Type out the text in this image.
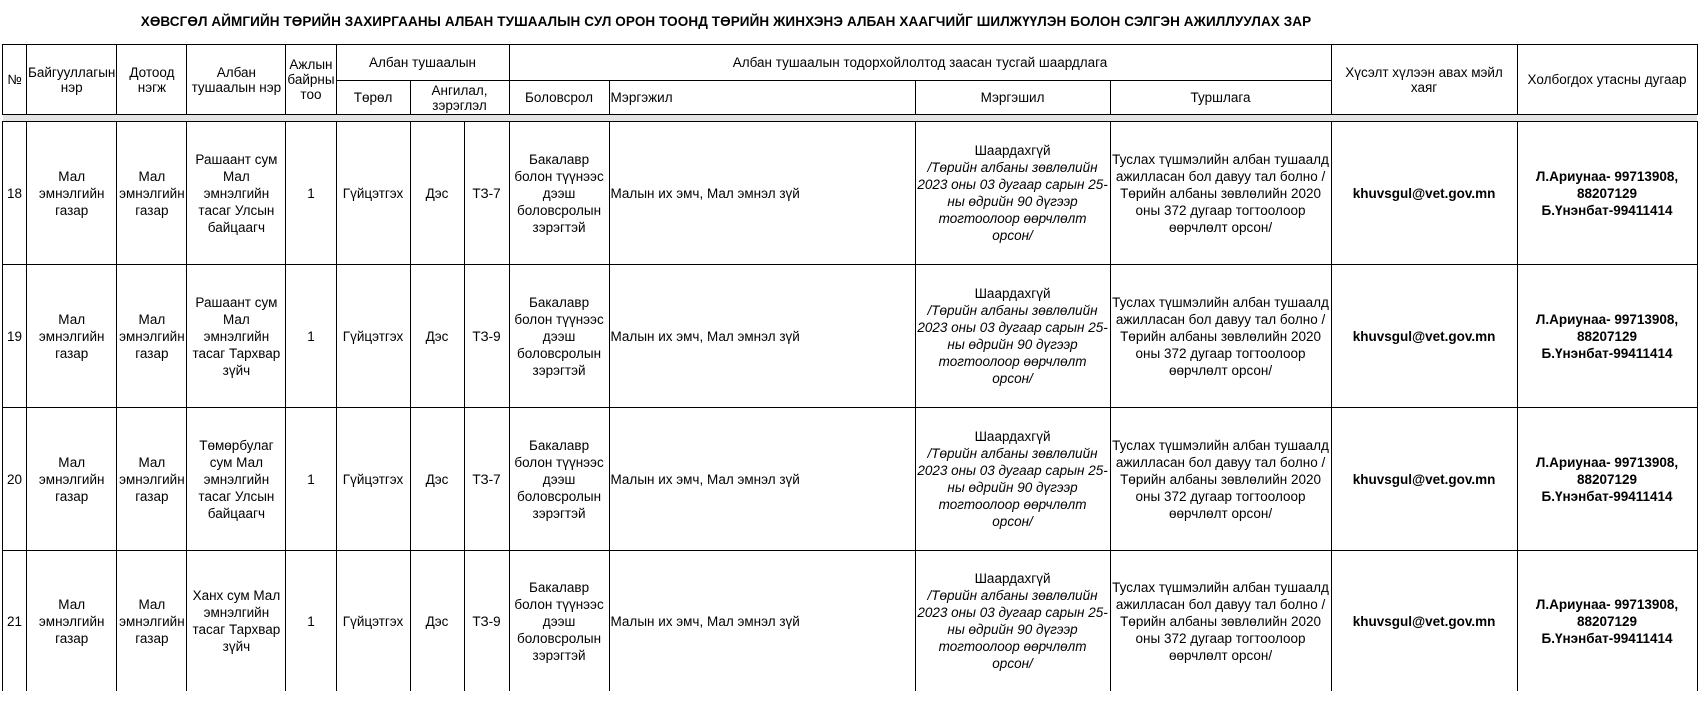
ХӨВСГӨЛ АЙМГИЙН ТӨРИЙН ЗАХИРГААНЫ АЛБАН ТУШААЛЫН СУЛ ОРОН ТООНД ТӨРИЙН ЖИНХЭНЭ АЛБАН ХААГЧИЙГ ШИЛЖҮҮЛЭН БОЛОН СЭЛГЭН АЖИЛЛУУЛАХ ЗАР
№	Байгууллагын нэр	Дотоод нэгж	Албан тушаалын нэр	Ажлын байрны тоо	Албан тушаалын			Албан тушаалын тодорхойлолтод заасан тусгай шаардлага				Хүсэлт хүлээн авах мэйл хаяг	Холбогдох утасны дугаар
					Төрөл	Ангилал, зэрэглэл		Боловсрол	Мэргэжил	Мэргэшил	Туршлага		

18	Мал эмнэлгийн газар	Мал эмнэлгийн газар	Рашаант сум Мал эмнэлгийн тасаг Улсын байцаагч	1	Гүйцэтгэх	Дэс	ТЗ-7	Бакалавр болон түүнээс дээш боловсролын зэрэгтэй	Малын их эмч, Мал эмнэл зүй	Шаардахгүй
/Төрийн албаны зөвлөлийн 2023 оны 03 дугаар сарын 25-ны өдрийн 90 дүгээр тогтоолоор өөрчлөлт орсон/	Туслах түшмэлийн албан тушаалд ажилласан бол давуу тал болно /Төрийн албаны зөвлөлийн 2020 оны 372 дугаар тогтоолоор өөрчлөлт орсон/	khuvsgul@vet.gov.mn	Л.Ариунаа- 99713908, 88207129 Б.Үнэнбат-99411414
19	Мал эмнэлгийн газар	Мал эмнэлгийн газар	Рашаант сум Мал эмнэлгийн тасаг Тархвар зүйч	1	Гүйцэтгэх	Дэс	ТЗ-9	Бакалавр болон түүнээс дээш боловсролын зэрэгтэй	Малын их эмч, Мал эмнэл зүй	Шаардахгүй
/Төрийн албаны зөвлөлийн 2023 оны 03 дугаар сарын 25-ны өдрийн 90 дүгээр тогтоолоор өөрчлөлт орсон/	Туслах түшмэлийн албан тушаалд ажилласан бол давуу тал болно /Төрийн албаны зөвлөлийн 2020 оны 372 дугаар тогтоолоор өөрчлөлт орсон/	khuvsgul@vet.gov.mn	Л.Ариунаа- 99713908, 88207129 Б.Үнэнбат-99411414
20	Мал эмнэлгийн газар	Мал эмнэлгийн газар	Төмөрбулаг сум Мал эмнэлгийн тасаг Улсын байцаагч	1	Гүйцэтгэх	Дэс	ТЗ-7	Бакалавр болон түүнээс дээш боловсролын зэрэгтэй	Малын их эмч, Мал эмнэл зүй	Шаардахгүй
/Төрийн албаны зөвлөлийн 2023 оны 03 дугаар сарын 25-ны өдрийн 90 дүгээр тогтоолоор өөрчлөлт орсон/	Туслах түшмэлийн албан тушаалд ажилласан бол давуу тал болно /Төрийн албаны зөвлөлийн 2020 оны 372 дугаар тогтоолоор өөрчлөлт орсон/	khuvsgul@vet.gov.mn	Л.Ариунаа- 99713908, 88207129 Б.Үнэнбат-99411414
21	Мал эмнэлгийн газар	Мал эмнэлгийн газар	Ханх сум Мал эмнэлгийн тасаг Тархвар зүйч	1	Гүйцэтгэх	Дэс	ТЗ-9	Бакалавр болон түүнээс дээш боловсролын зэрэгтэй	Малын их эмч, Мал эмнэл зүй	Шаардахгүй
/Төрийн албаны зөвлөлийн 2023 оны 03 дугаар сарын 25-ны өдрийн 90 дүгээр тогтоолоор өөрчлөлт орсон/	Туслах түшмэлийн албан тушаалд ажилласан бол давуу тал болно /Төрийн албаны зөвлөлийн 2020 оны 372 дугаар тогтоолоор өөрчлөлт орсон/	khuvsgul@vet.gov.mn	Л.Ариунаа- 99713908, 88207129 Б.Үнэнбат-99411414
